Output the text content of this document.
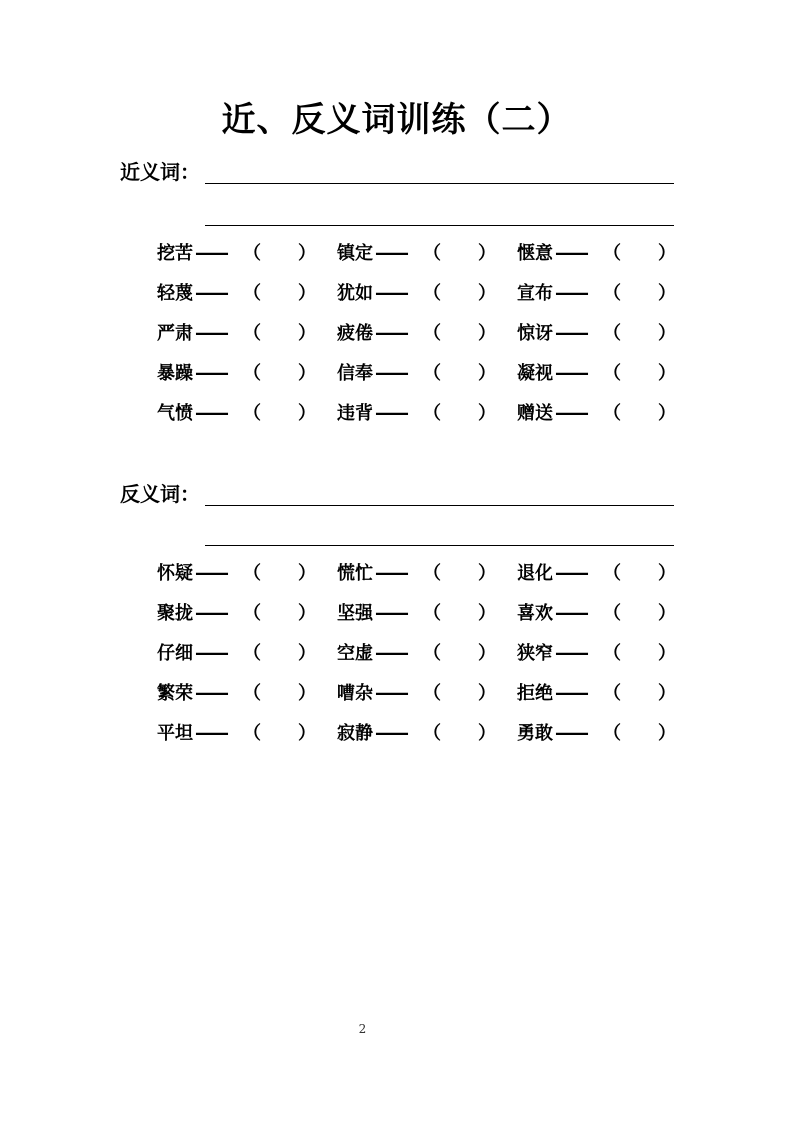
近、反义词训练（二）
近义词：
挖苦 —— （ ） 镇定 —— （ ） 惬意 —— （ ）
轻蔑 —— （ ） 犹如 —— （ ） 宣布 —— （ ）
严肃 —— （ ） 疲倦 —— （ ） 惊讶 —— （ ）
暴躁 —— （ ） 信奉 —— （ ） 凝视 —— （ ）
气愤 —— （ ） 违背 —— （ ） 赠送 —— （ ）
反义词：
怀疑 —— （ ） 慌忙 —— （ ） 退化 —— （ ）
聚拢 —— （ ） 坚强 —— （ ） 喜欢 —— （ ）
仔细 —— （ ） 空虚 —— （ ） 狭窄 —— （ ）
繁荣 —— （ ） 嘈杂 —— （ ） 拒绝 —— （ ）
平坦 —— （ ） 寂静 —— （ ） 勇敢 —— （ ）
2
